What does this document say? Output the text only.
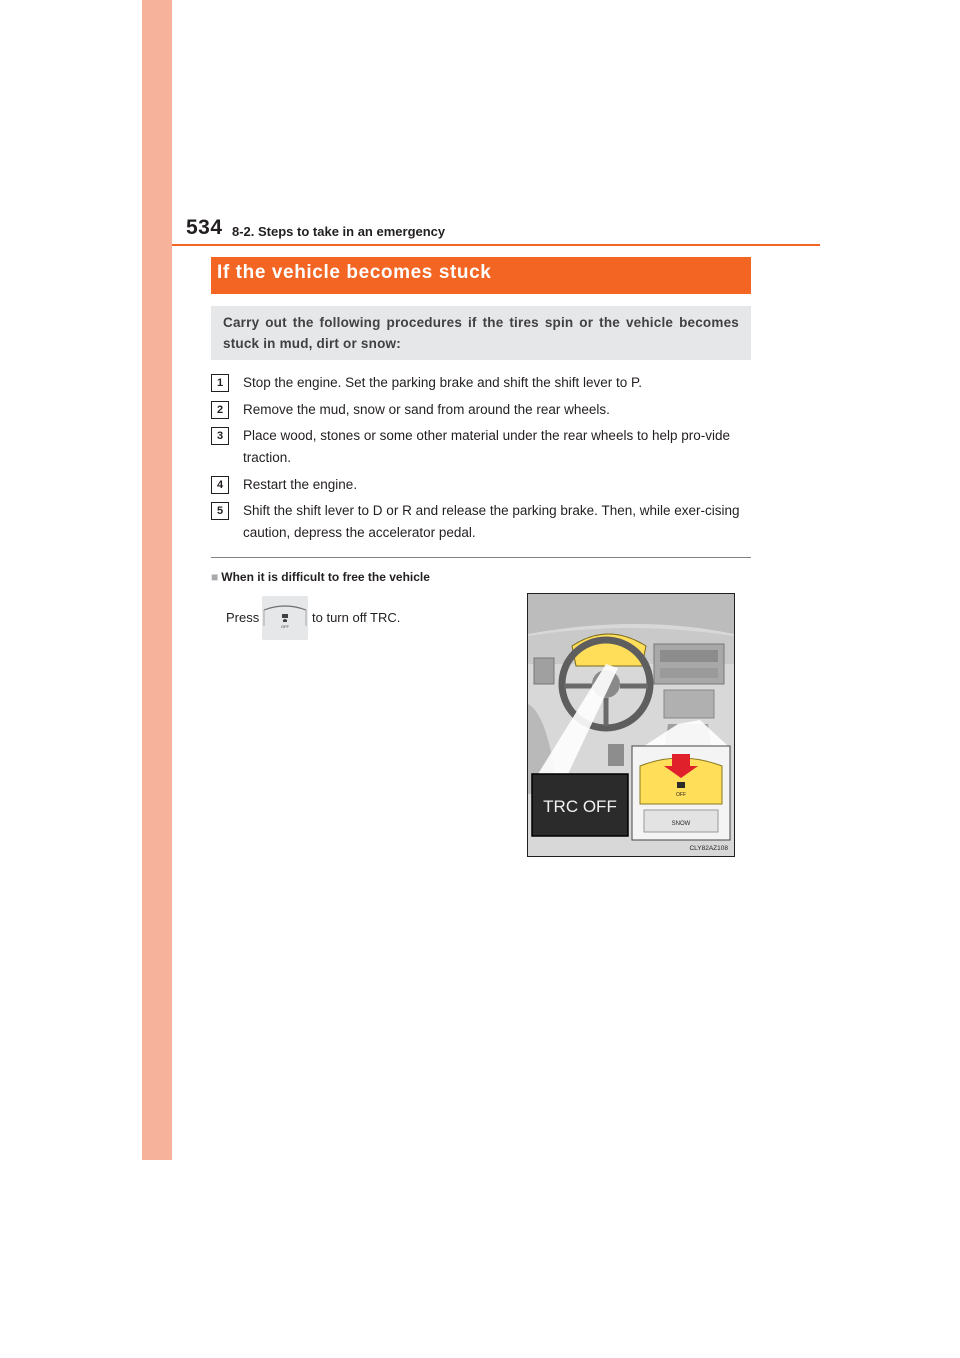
534 8-2. Steps to take in an emergency
If the vehicle becomes stuck
Carry out the following procedures if the tires spin or the vehicle becomes stuck in mud, dirt or snow:
1	Stop the engine. Set the parking brake and shift the shift lever to P.
2	Remove the mud, snow or sand from around the rear wheels.
3	Place wood, stones or some other material under the rear wheels to help pro-vide traction.
4	Restart the engine.
5	Shift the shift lever to D or R and release the parking brake. Then, while exer-cising caution, depress the accelerator pedal.
■ When it is difficult to free the vehicle
Press
OFF
to turn off TRC.
TRC OFF
OFF
SNOW
CLY82AZ108
